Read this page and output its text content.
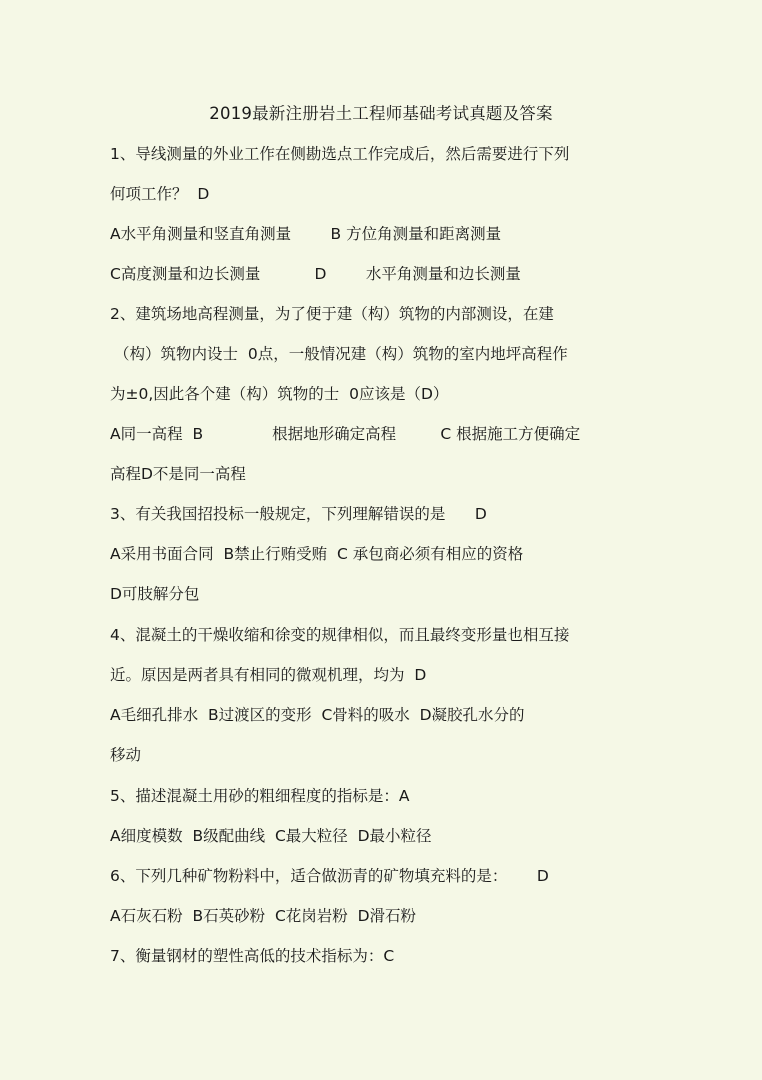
2019最新注册岩土工程师基础考试真题及答案
1、导线测量的外业工作在侧勘选点工作完成后，然后需要进行下列
何项工作？  D
A水平角测量和竖直角测量        B 方位角测量和距离测量
C高度测量和边长测量           D        水平角测量和边长测量
2、建筑场地高程测量，为了便于建（构）筑物的内部测设，在建
（构）筑物内设士  0点，一般情况建（构）筑物的室内地坪高程作
为±0,因此各个建（构）筑物的士  0应该是（D）
A同一高程  B              根据地形确定高程         C 根据施工方便确定
高程D不是同一高程
3、有关我国招投标一般规定，下列理解错误的是      D
A采用书面合同  B禁止行贿受贿  C 承包商必须有相应的资格
D可肢解分包
4、混凝土的干燥收缩和徐变的规律相似，而且最终变形量也相互接
近。原因是两者具有相同的微观机理，均为  D
A毛细孔排水  B过渡区的变形  C骨料的吸水  D凝胶孔水分的
移动
5、描述混凝土用砂的粗细程度的指标是：A
A细度模数  B级配曲线  C最大粒径  D最小粒径
6、下列几种矿物粉料中，适合做沥青的矿物填充料的是：      D
A石灰石粉  B石英砂粉  C花岗岩粉  D滑石粉
7、衡量钢材的塑性高低的技术指标为：C
